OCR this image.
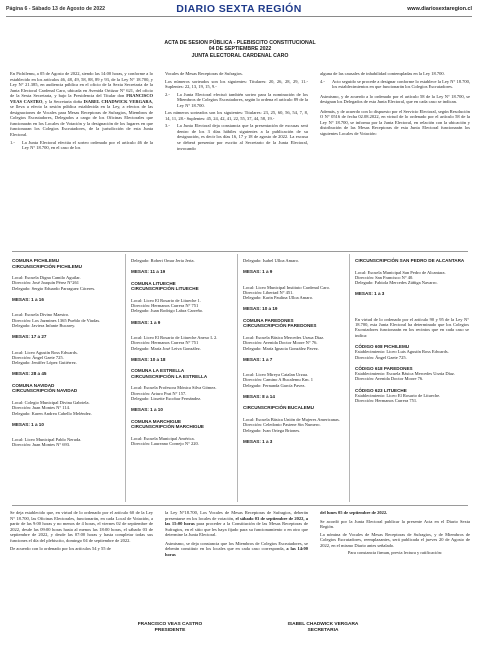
Página 6 - Sábado 13 de Agosto de 2022	DIARIO SEXTA REGIÓN	www.diariosextaregion.cl
ACTA DE SESION PÚBLICA - PLEBISCITO CONSTITUCIONAL
04 DE SEPTIEMBRE 2022
JUNTA ELECTORAL CARDENAL CARO

En Pichilemu, a 05 de Agosto de 2022, siendo las 14:00 horas, y conforme a lo establecido en los artículos 46, 48, 49, 58, 88, 89 y 93, de la Ley N° 18.700, y Ley N° 21.385, en audiencia pública en el oficio de la Sexta Secretaria de la Junta Electoral Cardenal Caro, ubicada en Avenida Ortúzar N° 621, del oficio de la Sexta Secretaria, y bajo la Presidencia del Titular don FRANCISCO VEAS CASTRO, y la Secretaria doña ISABEL CHADWICK VERGARA, se lleva a efecto la sesión pública establecida en la Ley, a efectos de las designaciones de Vocales para Mesas Receptoras de Sufragios, Miembros de Colegios Escrutadores, Delegados a cargo de los Oficinas Electorales que funcionarán en los Locales de Votación y la designación de los lugares en que funcionaran los Colegios Escrutadores, de la jurisdicción de esta Junta Electoral.

1.-	La Junta Electoral efectúa el sorteo ordenado por el artículo 46 de la Ley N° 18.700, en el caso de los

Vocales de Mesas Receptoras de Sufragios.

Los números sorteados son los siguientes: Titulares: 20, 26, 28, 29, 11.- Suplentes: 22, 13, 19, 15, 9.-

2.-	La Junta Electoral efectuó también sorteo para la nominación de los Miembros de Colegios Escrutadores, según lo ordena el artículo 89 de la Ley N° 18.700.

Los números sorteados son los siguientes: Titulares: 23, 25, 60, 56, 54, 7, 8, 14, 11, 28.- Suplentes: 45, 24, 42, 41, 22, 55, 37, 44, 58, 19.-

3.-	La Junta Electoral deja constancia que la presentación de excusas será dentro de los 3 días hábiles siguientes a la publicación de su designación, es decir los días 16, 17 y 18 de agosto de 2022. La excusa se deberá presentar por escrito al Secretario de la Junta Electoral, invocando

alguna de las causales de inhabilidad contempladas en la Ley 18.700.

4.-	Acto seguido se procede a designar conforme lo establece la Ley N° 18.700, los establecimientos en que funcionarán los Colegios Escrutadores.

Asimismo, y de acuerdo a lo ordenado por el artículo 58 de la Ley N° 18.700, se designan los Delegados de esta Junta Electoral, que en cada caso se indican.

Además, y de acuerdo con lo dispuesto por el Servicio Electoral, según Resolución O N° 0516 de fecha 02.08.2022, en virtud de lo ordenado por el artículo 58 de la Ley N° 18.700, se informa por la Junta Electoral, en relación con la ubicación y distribución de las Mesas Receptoras de esta Junta Electoral funcionarán los siguientes Locales de Votación:

COMUNA PICHILEMU
CIRCUNSCRIPCIÓN PICHILEMU
Local: Escuela Digna Camilo Aguilar.
Dirección: José Joaquín Pérez N°261
Delegado: Sergio Eduardo Parraguez Cáceres.
MESAS: 1 a 16
Local: Escuela Divino Maestro.
Dirección: Los Jazmines 1365 Pueblo de Viudas.
Delegado: Javiera Infante Bucarey.
MESAS: 17 a 27
Local: Liceo Agustín Ross Edwards.
Dirección: Ángel Gaete 725.
Delegado: Jeniffer López Gutiérrez.
MESAS: 28 a 45
COMUNA NAVIDAD
CIRCUNSCRIPCIÓN NAVIDAD
Local: Colegio Municipal Divina Gabriela.
Dirección: Juan Montes N° 114.
Delegado: Karen Andrea Cabello Meléndez.
MESAS: 1 a 10
Local: Liceo Municipal Pablo Neruda.
Dirección: Juan Montes N° 693.
Delegado: Robert Omar Jeria Jeria.
MESAS: 11 a 19
COMUNA LITUECHE
CIRCUNSCRIPCIÓN LITUECHE
Local: Liceo El Rosario de Litueche 1.
Dirección: Hermanos Carrera N° 751
Delegado: Juan Rodrigo Labra Carreño.
MESAS: 1 a 9
Local: Liceo El Rosario de Litueche Anexo L 2.
Dirección: Hermanos Carrera N° 751
Delegado: María José Leiva González.
MESAS: 10 a 18
COMUNA LA ESTRELLA
CIRCUNSCRIPCIÓN LA ESTRELLA
Local: Escuela Profesora Mónica Silva Gómez.
Dirección: Arturo Prat N° 157.
Delegado: Lissette Escobar Fernández.
MESAS: 1 a 10
COMUNA MARCHIGUE
CIRCUNSCRIPCIÓN MARCHIGUE
Local: Escuela Municipal América.
Dirección: Laureano Cornejo N° 220.
Delegado: Isabel Ulloa Amaro.
MESAS: 1 a 9
Local: Liceo Municipal Instituto Cardenal Caro.
Dirección: Libertad N° 451.
Delegado: Karin Paulina Ulloa Amaro.
MESAS: 10 a 19
COMUNA PAREDONES
CIRCUNSCRIPCIÓN PAREDONES
Local: Escuela Básica Mercedes Urzua Diaz.
Dirección: Avenida Doctor Moore N° 76.
Delegado: María Ignacia González Pavez.
MESAS: 1 a 7
Local: Liceo Mireya Catalan Urzua.
Dirección: Camino A Bucalemu Km. 1
Delegado: Fernanda García Pavez.
MESAS: 8 a 14
CIRCUNSCRIPCIÓN BUCALEMU
Local: Escuela Básica Unión de Mujeres Americanas.
Dirección: Celedonio Pastene Sin Numero.
Delegado: Ivan Ortega Briones.
MESAS: 1 a 3
CIRCUNSCRIPCIÓN SAN PEDRO DE ALCANTARA
Local: Escuela Municipal San Pedro de Alcantara.
Dirección: San Francisco N° 40.
Delegado: Fabiola Mercedes Zúñiga Navarro.
MESAS: 1 a 3
En virtud de lo ordenado por el artículo 90 y 95 de la Ley N° 18.700, esta Junta Electoral ha determinado que los Colegios Escrutadores funcionarán en los recintos que en cada caso se indica:
CÓDIGO 608 PICHILEMU
Establecimiento: Liceo Luis Agustín Ross Edwards.
Dirección: Ángel Gaete 725.
CÓDIGO 618 PAREDONES
Establecimiento: Escuela Básica Mercedes Urzúa Díaz.
Dirección: Avenida Doctor Moore 76.
CÓDIGO 623 LITUECHE
Establecimiento: Liceo El Rosario de Litueche.
Dirección: Hermanos Carrera 751.

Se deja establecido que, en virtud de lo ordenado por el artículo 60 de la Ley N° 18.700, las Oficinas Electorales, funcionarán, en cada Local de Votación, a partir de las 9:00 horas y no menos de 4 horas, el viernes 02 de septiembre de 2022, desde las 09:00 horas hasta al menos las 18:00 horas, el sábado 03 de septiembre de 2022, y desde las 07:00 horas y hasta completar todas sus funciones el día del plebiscito, domingo 04 de septiembre de 2022.

De acuerdo con lo ordenado por los artículos 54 y 55 de

la Ley N°18.700, Los Vocales de Mesas Receptoras de Sufragios, deberán presentarse en los locales de votación, el sábado 03 de septiembre de 2022, a las 15:00 horas para proceder a la Constitución de las Mesas Receptoras de Sufragios, en el sitio que les haya fijado para su funcionamiento o en otro que determine la Junta Electoral.

Asimismo, se deja constancia que los Miembros de Colegios Escrutadores, se deberán constituir en los locales que en cada caso corresponda, a las 14:00 horas

del lunes 05 de septiembre de 2022.

Se acordó por la Junta Electoral publicar la presente Acta en el Diario Sexta Región.

La nómina de Vocales de Mesas Receptoras de Sufragios, y de Miembros de Colegios Escrutadores, reemplazantes, será publicada el jueves 20 de Agosto de 2022, en el mismo Diario antes señalado.

Para constancia firman, previa lectura y ratificación:

FRANCISCO VEAS CASTRO
PRESIDENTE
ISABEL CHADWICK VERGARA
SECRETARIA
